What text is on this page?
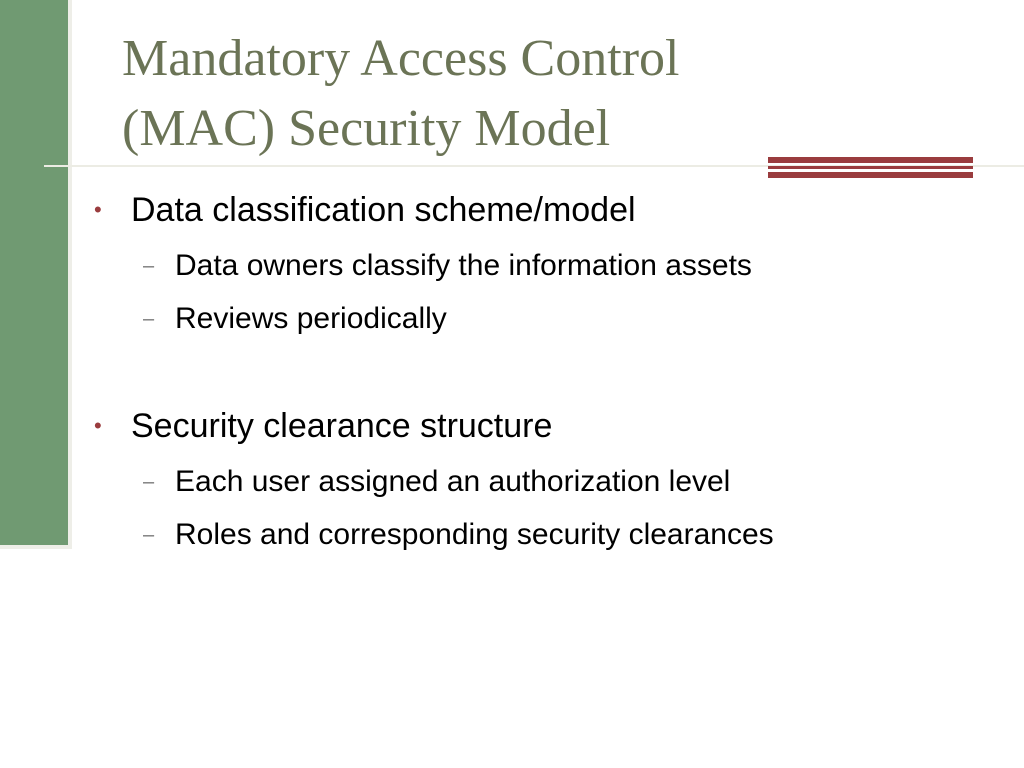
Mandatory Access Control
(MAC) Security Model
• Data classification scheme/model
– Data owners classify the information assets
– Reviews periodically
• Security clearance structure
– Each user assigned an authorization level
– Roles and corresponding security clearances
